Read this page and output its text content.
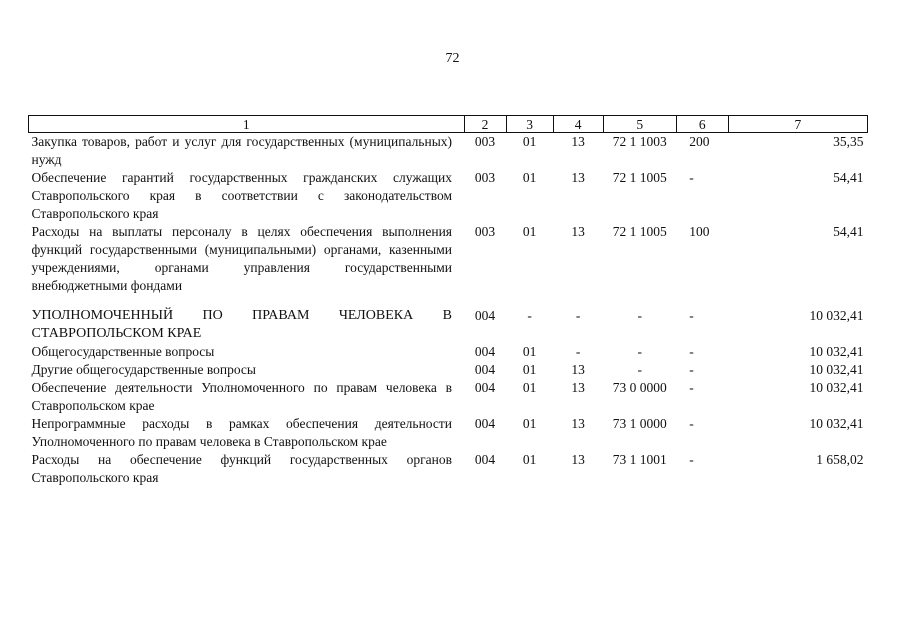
72
1	2	3	4	5	6	7
Закупка товаров, работ и услуг для государственных (муниципальных) нужд	003	01	13	72 1 1003	200	35,35
Обеспечение гарантий государственных гражданских служащих Ставропольского края в соответствии с законодательством Ставропольского края	003	01	13	72 1 1005	-	54,41
Расходы на выплаты персоналу в целях обеспечения выполнения функций государственными (муниципальными) органами, казенными учреждениями, органами управления государственными внебюджетными фондами	003	01	13	72 1 1005	100	54,41

УПОЛНОМОЧЕННЫЙ ПО ПРАВАМ ЧЕЛОВЕКА В СТАВРОПОЛЬСКОМ КРАЕ	004	-	-	-	-	10 032,41
Общегосударственные вопросы	004	01	-	-	-	10 032,41
Другие общегосударственные вопросы	004	01	13	-	-	10 032,41
Обеспечение деятельности Уполномоченного по правам человека в Ставропольском крае	004	01	13	73 0 0000	-	10 032,41
Непрограммные расходы в рамках обеспечения деятельности Уполномоченного по правам человека в Ставропольском крае	004	01	13	73 1 0000	-	10 032,41
Расходы на обеспечение функций государственных органов Ставропольского края	004	01	13	73 1 1001	-	1 658,02
